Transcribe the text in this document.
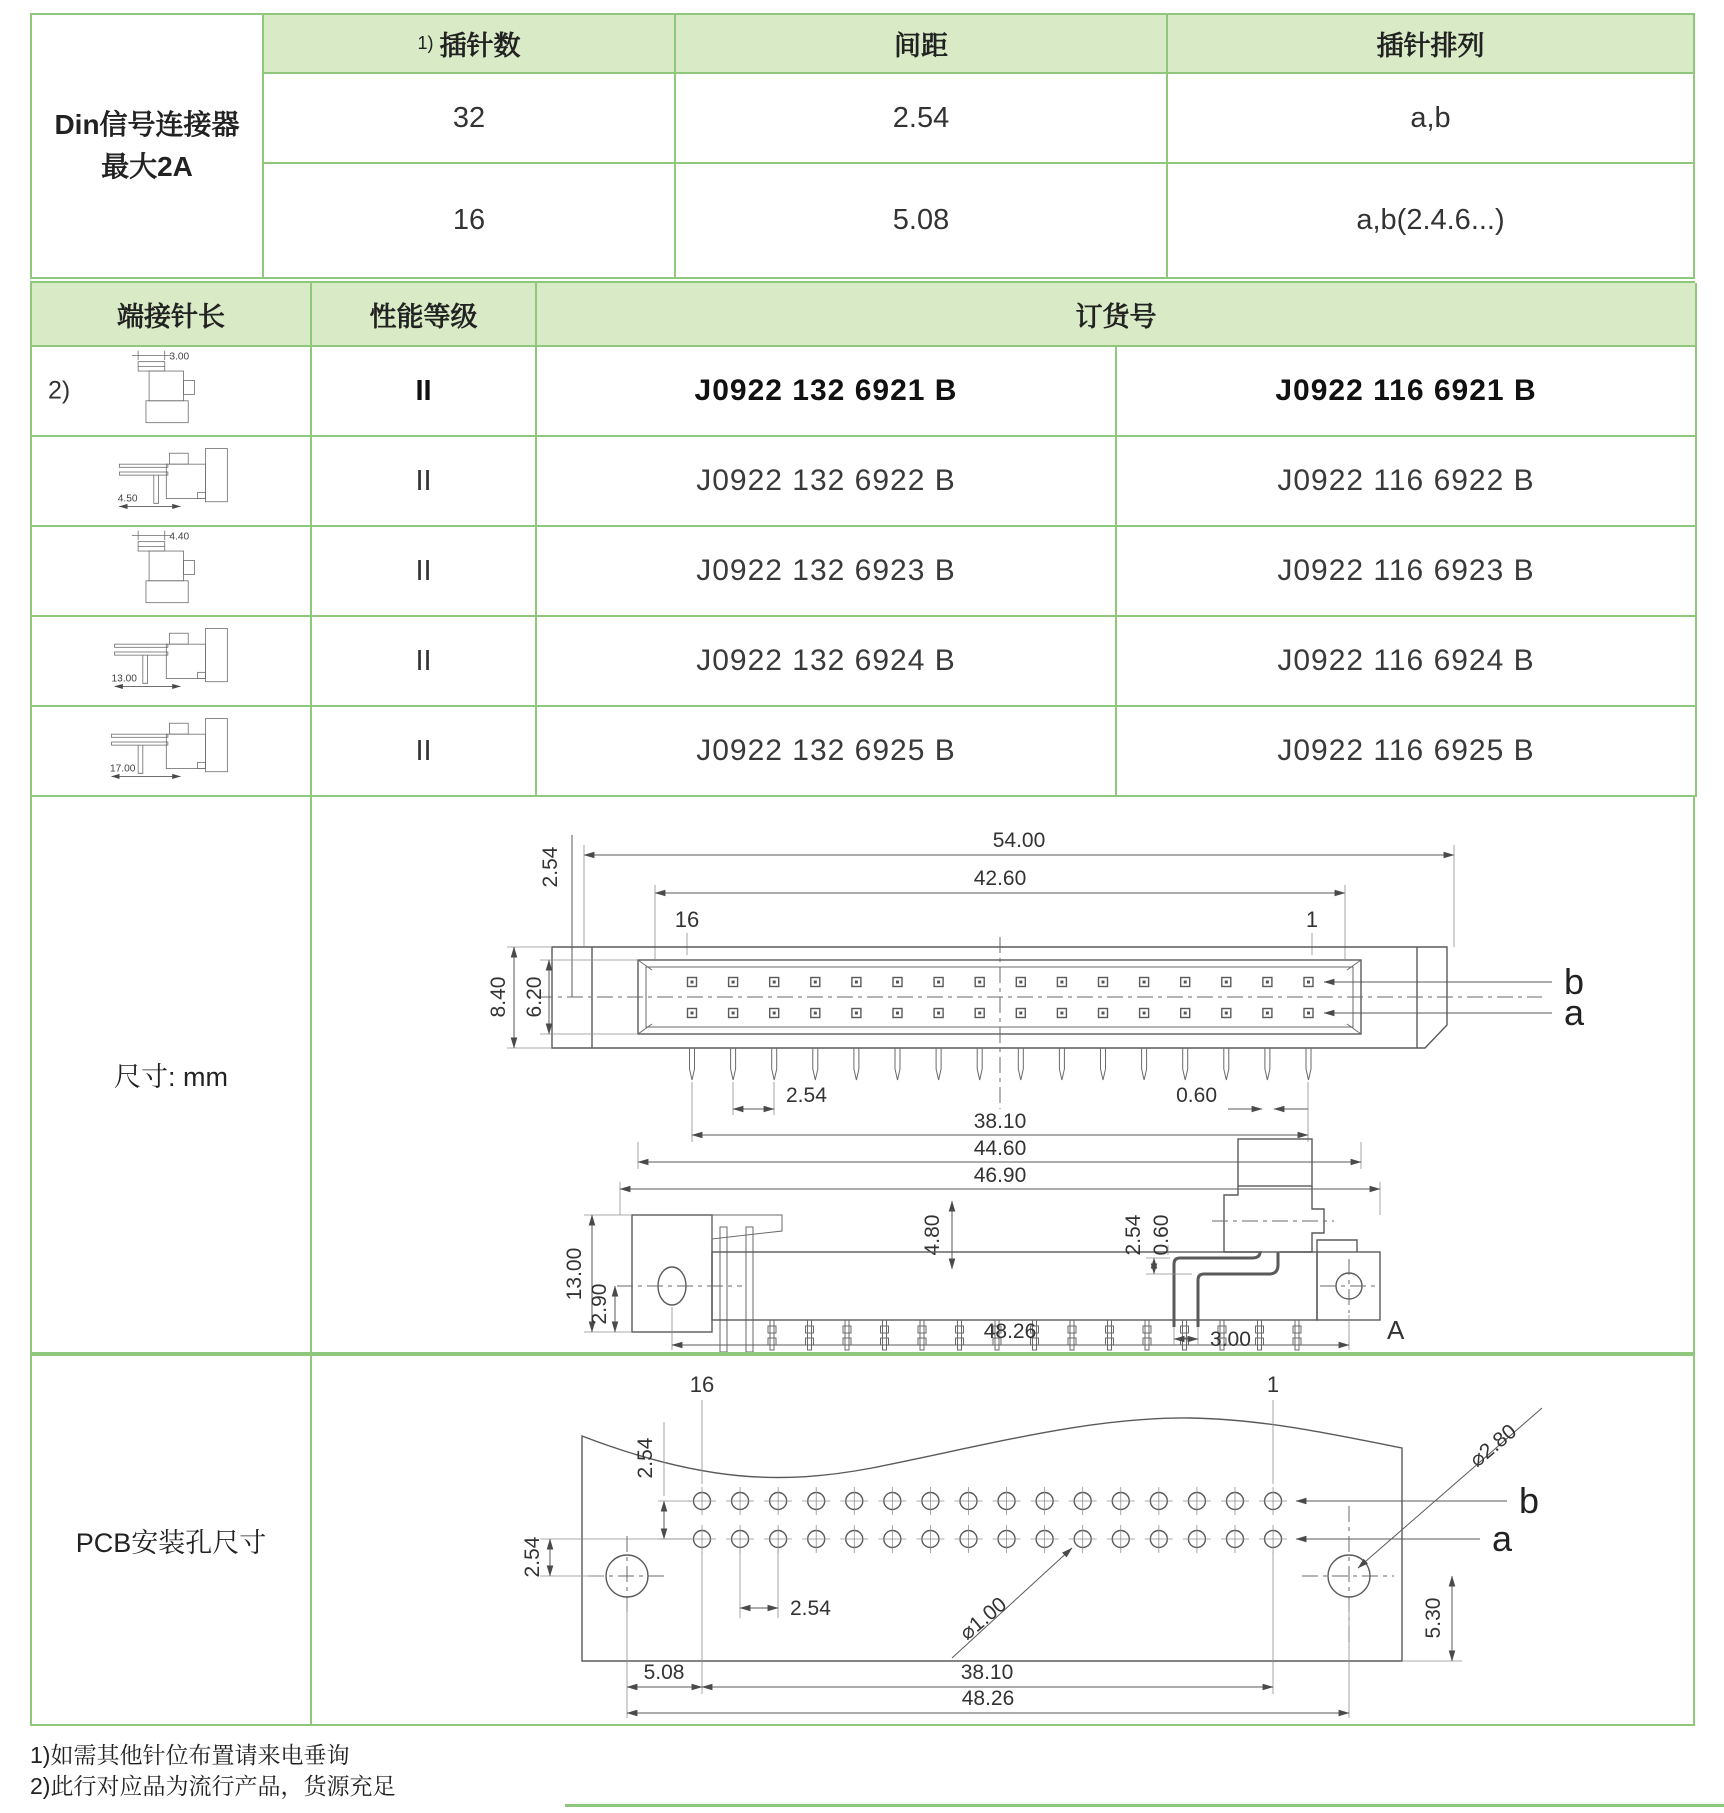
Din信号连接器
最大2A
1) 插针数	间距	插针排列
32	2.54	a,b
16	5.08	a,b(2.4.6...)
端接针长	性能等级	订货号
2)
3.00
II	J0922 132 6921 B	J0922 116 6921 B
4.50
II	J0922 132 6922 B	J0922 116 6922 B
4.40
II	J0922 132 6923 B	J0922 116 6923 B
13.00
II	J0922 132 6924 B	J0922 116 6924 B
17.00
II	J0922 132 6925 B	J0922 116 6925 B
尺寸: mm
2.54
54.00
42.60
16	1
b
a
8.40 6.20
2.54	0.60
38.10
44.60
46.90
4.80
13.00
2.90
48.26	A
2.54 0.60
3.00
PCB安装孔尺寸
16	1
2.54
2.54
2.54	⌀1.00
⌀2.80
b
a
5.30
5.08	38.10
48.26
1)如需其他针位布置请来电垂询
2)此行对应品为流行产品，货源充足
